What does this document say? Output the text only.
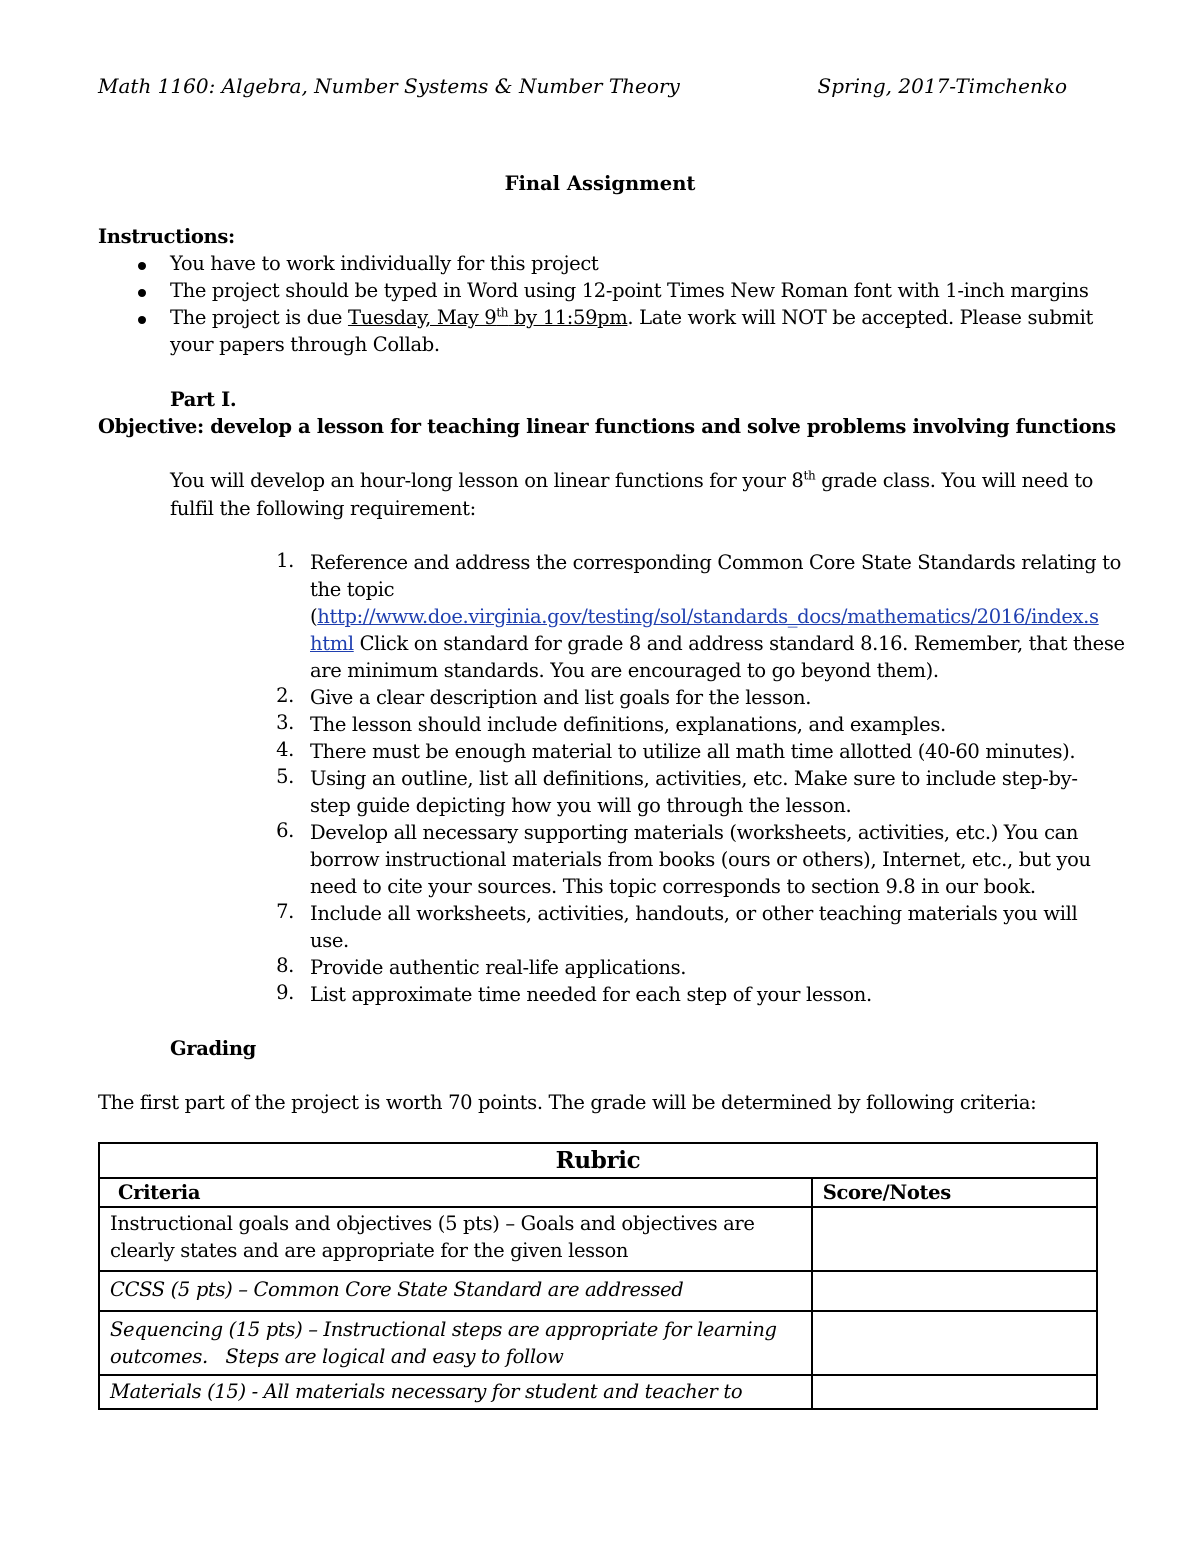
Math 1160: Algebra, Number Systems & Number Theory	Spring, 2017-Timchenko
Final Assignment
Instructions:
You have to work individually for this project
The project should be typed in Word using 12-point Times New Roman font with 1-inch margins
The project is due Tuesday, May 9th by 11:59pm. Late work will NOT be accepted. Please submit
your papers through Collab.
Part I.
Objective: develop a lesson for teaching linear functions and solve problems involving functions
You will develop an hour-long lesson on linear functions for your 8th grade class. You will need to
fulfil the following requirement:
1. Reference and address the corresponding Common Core State Standards relating to
the topic
(http://www.doe.virginia.gov/testing/sol/standards_docs/mathematics/2016/index.s
html Click on standard for grade 8 and address standard 8.16. Remember, that these
are minimum standards. You are encouraged to go beyond them).
2. Give a clear description and list goals for the lesson.
3. The lesson should include definitions, explanations, and examples.
4. There must be enough material to utilize all math time allotted (40-60 minutes).
5. Using an outline, list all definitions, activities, etc. Make sure to include step-by-
step guide depicting how you will go through the lesson.
6. Develop all necessary supporting materials (worksheets, activities, etc.) You can
borrow instructional materials from books (ours or others), Internet, etc., but you
need to cite your sources. This topic corresponds to section 9.8 in our book.
7. Include all worksheets, activities, handouts, or other teaching materials you will
use.
8. Provide authentic real-life applications.
9. List approximate time needed for each step of your lesson.
Grading
The first part of the project is worth 70 points. The grade will be determined by following criteria:
Rubric	
Criteria	Score/Notes

Instructional goals and objectives (5 pts) – Goals and objectives are
clearly states and are appropriate for the given lesson	

CCSS (5 pts) – Common Core State Standard are addressed	

Sequencing (15 pts) – Instructional steps are appropriate for learning
outcomes.   Steps are logical and easy to follow	

Materials (15) - All materials necessary for student and teacher to	
